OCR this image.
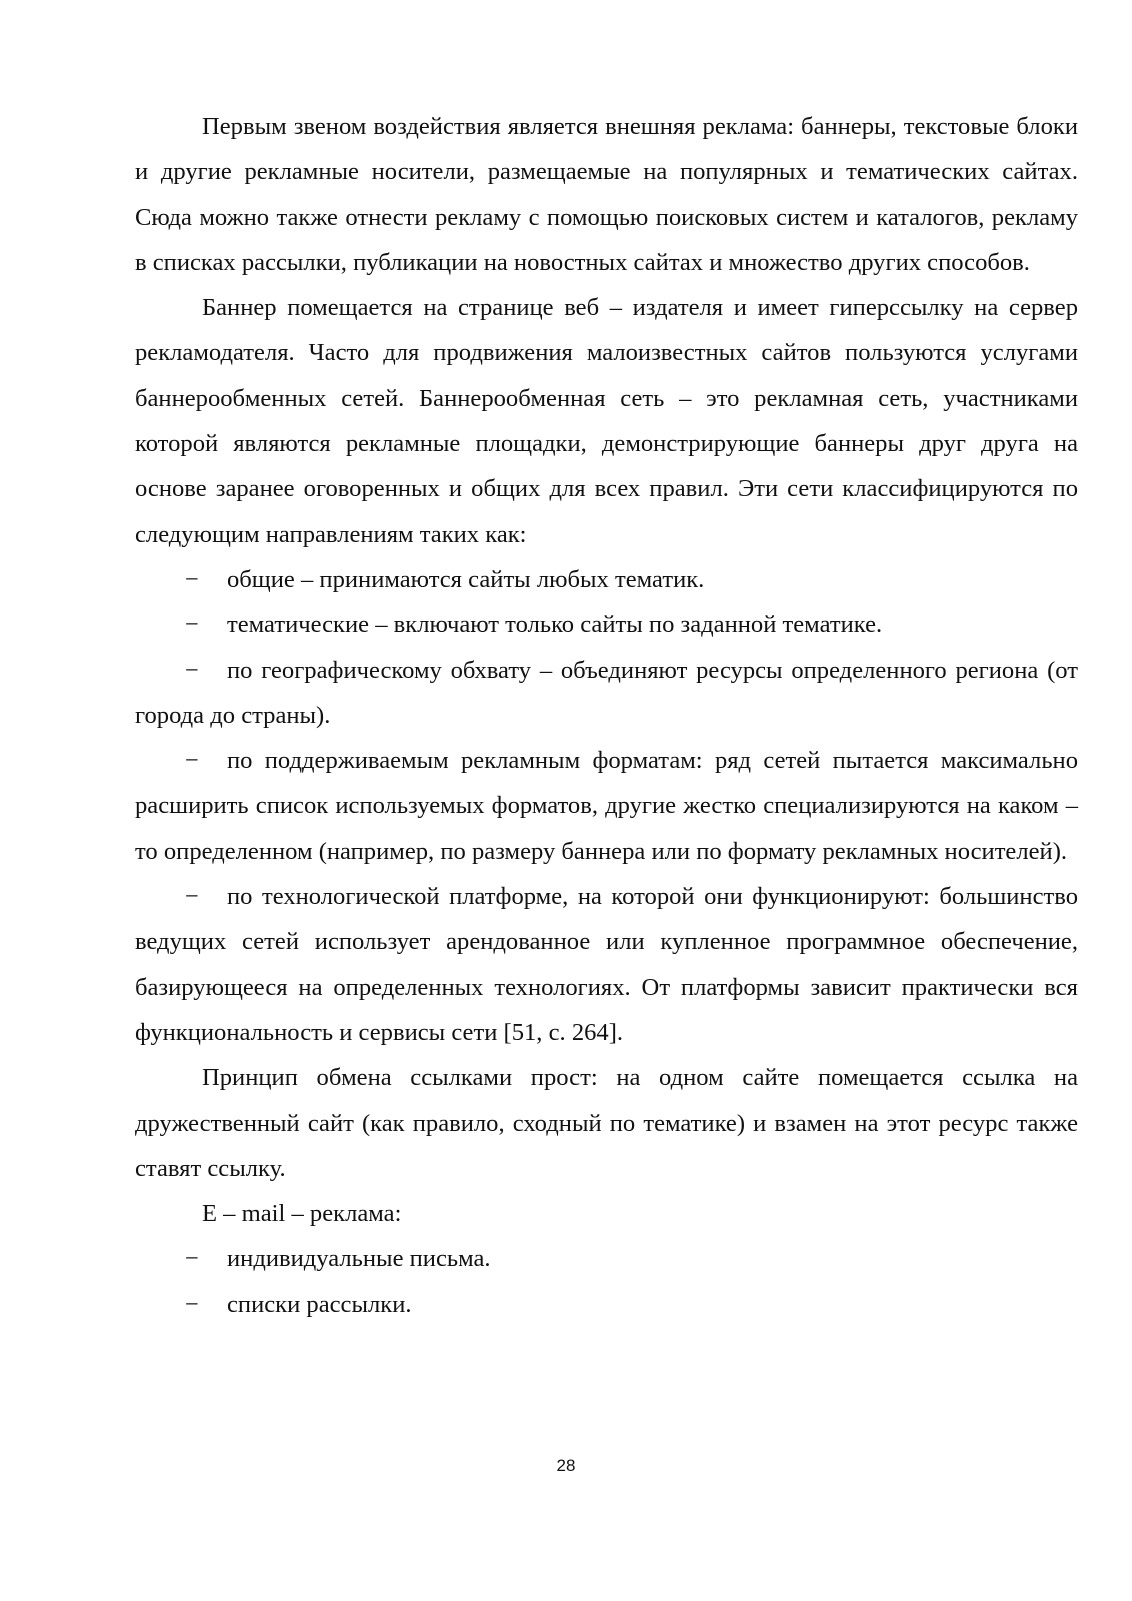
Первым звеном воздействия является внешняя реклама: баннеры, текстовые блоки и другие рекламные носители, размещаемые на популярных и тематических сайтах. Сюда можно также отнести рекламу с помощью поисковых систем и каталогов, рекламу в списках рассылки, публикации на новостных сайтах и множество других способов.

Баннер помещается на странице веб – издателя и имеет гиперссылку на сервер рекламодателя. Часто для продвижения малоизвестных сайтов пользуются услугами баннерообменных сетей. Баннерообменная сеть – это рекламная сеть, участниками которой являются рекламные площадки, демонстрирующие баннеры друг друга на основе заранее оговоренных и общих для всех правил. Эти сети классифицируются по следующим направлениям таких как:

− общие – принимаются сайты любых тематик.

− тематические – включают только сайты по заданной тематике.

− по географическому обхвату – объединяют ресурсы определенного региона (от города до страны).

− по поддерживаемым рекламным форматам: ряд сетей пытается максимально расширить список используемых форматов, другие жестко специализируются на каком – то определенном (например, по размеру баннера или по формату рекламных носителей).

− по технологической платформе, на которой они функционируют: большинство ведущих сетей использует арендованное или купленное программное обеспечение, базирующееся на определенных технологиях. От платформы зависит практически вся функциональность и сервисы сети [51, с. 264].

Принцип обмена ссылками прост: на одном сайте помещается ссылка на дружественный сайт (как правило, сходный по тематике) и взамен на этот ресурс также ставят ссылку.

E – mail – реклама:

− индивидуальные письма.

− списки рассылки.

28
